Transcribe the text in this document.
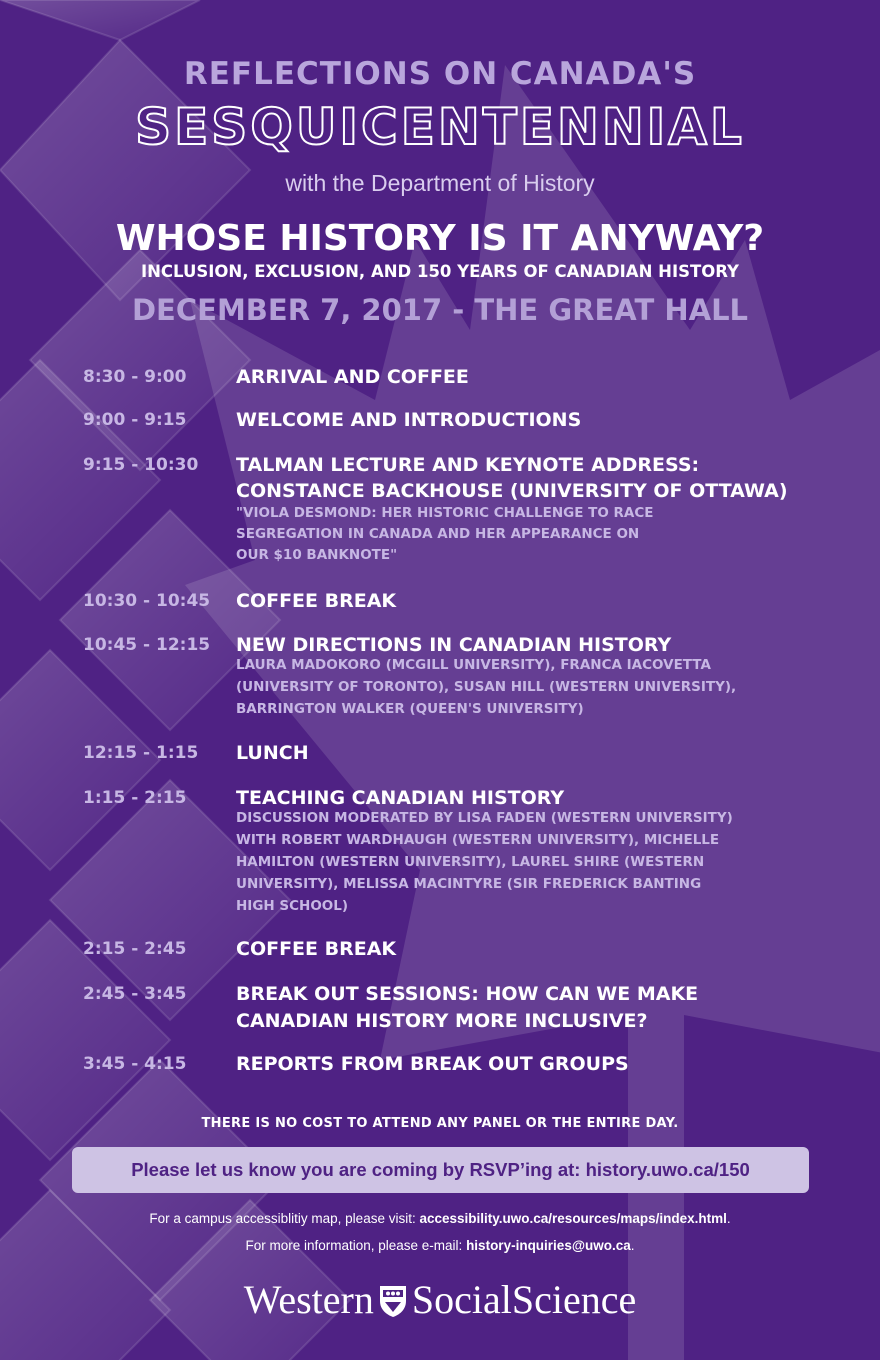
REFLECTIONS ON CANADA'S
SESQUICENTENNIAL
with the Department of History
WHOSE HISTORY IS IT ANYWAY?
INCLUSION, EXCLUSION, AND 150 YEARS OF CANADIAN HISTORY
DECEMBER 7, 2017 - THE GREAT HALL
8:30 - 9:00	ARRIVAL AND COFFEE
9:00 - 9:15	WELCOME AND INTRODUCTIONS
9:15 - 10:30	TALMAN LECTURE AND KEYNOTE ADDRESS:
CONSTANCE BACKHOUSE (UNIVERSITY OF OTTAWA)
"VIOLA DESMOND: HER HISTORIC CHALLENGE TO RACE
SEGREGATION IN CANADA AND HER APPEARANCE ON
OUR $10 BANKNOTE"
10:30 - 10:45	COFFEE BREAK
10:45 - 12:15	NEW DIRECTIONS IN CANADIAN HISTORY
LAURA MADOKORO (MCGILL UNIVERSITY), FRANCA IACOVETTA
(UNIVERSITY OF TORONTO), SUSAN HILL (WESTERN UNIVERSITY),
BARRINGTON WALKER (QUEEN'S UNIVERSITY)
12:15 - 1:15	LUNCH
1:15 - 2:15	TEACHING CANADIAN HISTORY
DISCUSSION MODERATED BY LISA FADEN (WESTERN UNIVERSITY)
WITH ROBERT WARDHAUGH (WESTERN UNIVERSITY), MICHELLE
HAMILTON (WESTERN UNIVERSITY), LAUREL SHIRE (WESTERN
UNIVERSITY), MELISSA MACINTYRE (SIR FREDERICK BANTING
HIGH SCHOOL)
2:15 - 2:45	COFFEE BREAK
2:45 - 3:45	BREAK OUT SESSIONS: HOW CAN WE MAKE
CANADIAN HISTORY MORE INCLUSIVE?
3:45 - 4:15	REPORTS FROM BREAK OUT GROUPS
THERE IS NO COST TO ATTEND ANY PANEL OR THE ENTIRE DAY.
Please let us know you are coming by RSVP’ing at: history.uwo.ca/150
For a campus accessiblitiy map, please visit: accessibility.uwo.ca/resources/maps/index.html.
For more information, please e-mail: history-inquiries@uwo.ca.
Western SocialScience
